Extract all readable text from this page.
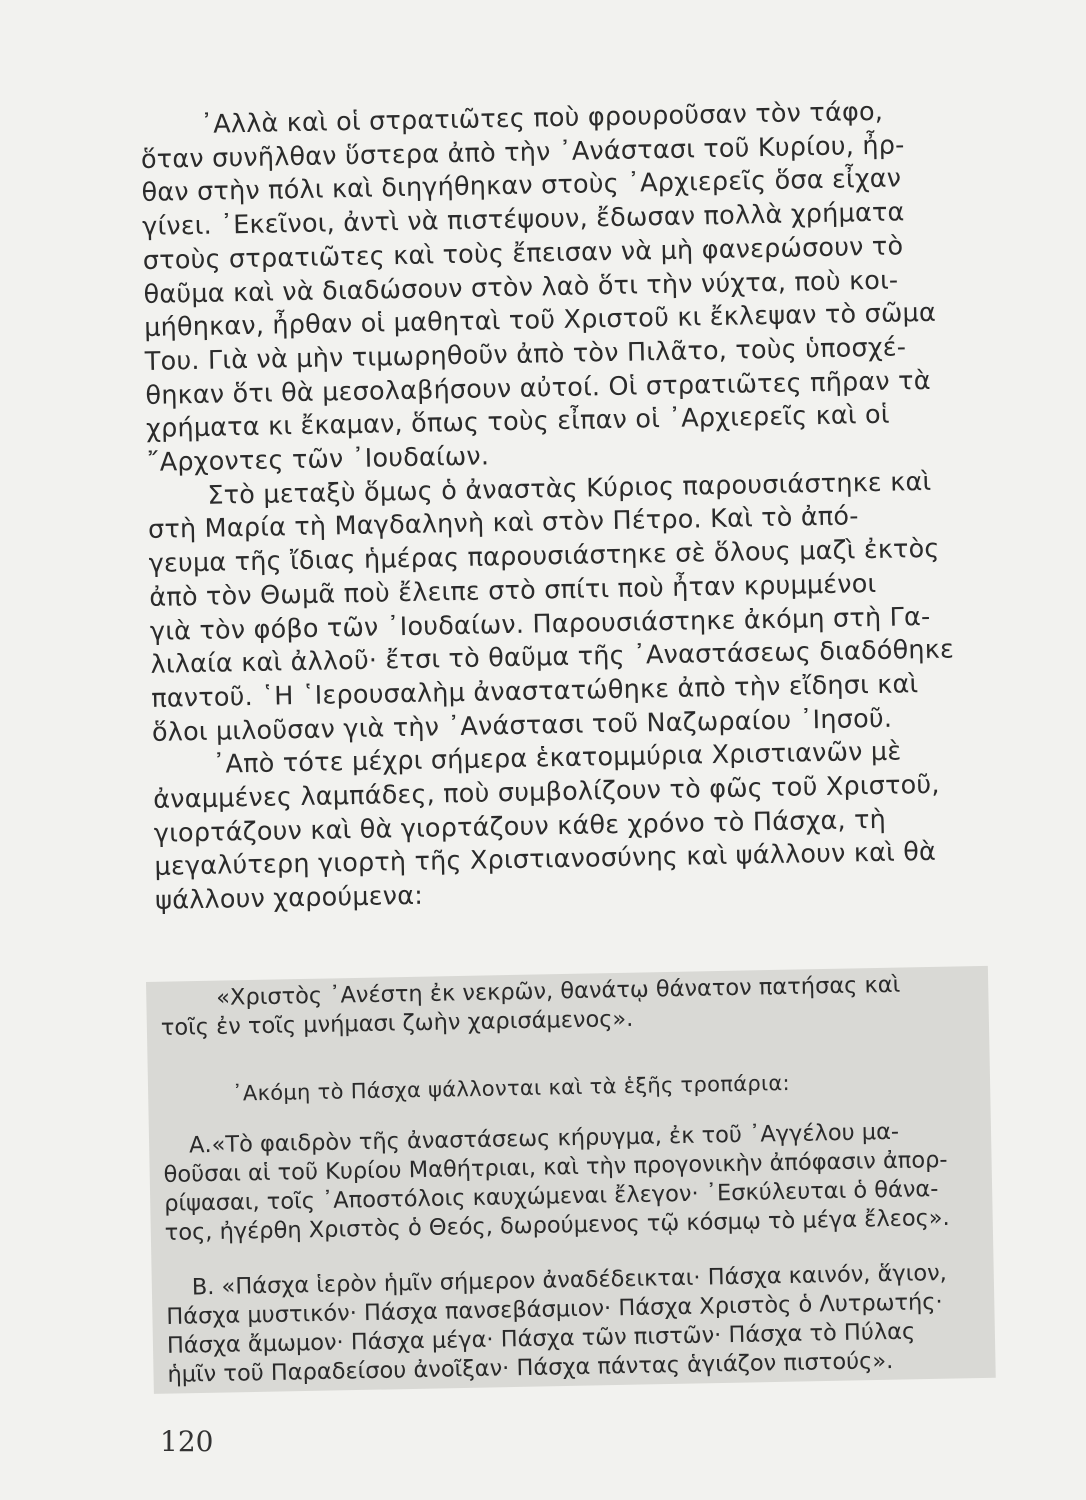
᾿Αλλὰ καὶ οἱ στρατιῶτες ποὺ φρουροῦσαν τὸν τάφο,
ὅταν συνῆλθαν ὕστερα ἀπὸ τὴν ᾿Ανάστασι τοῦ Κυρίου, ἦρ-
θαν στὴν πόλι καὶ διηγήθηκαν στοὺς ᾿Αρχιερεῖς ὅσα εἶχαν
γίνει. ᾿Εκεῖνοι, ἀντὶ νὰ πιστέψουν, ἔδωσαν πολλὰ χρήματα
στοὺς στρατιῶτες καὶ τοὺς ἔπεισαν νὰ μὴ φανερώσουν τὸ
θαῦμα καὶ νὰ διαδώσουν στὸν λαὸ ὅτι τὴν νύχτα, ποὺ κοι-
μήθηκαν, ἦρθαν οἱ μαθηταὶ τοῦ Χριστοῦ κι ἔκλεψαν τὸ σῶμα
Του. Γιὰ νὰ μὴν τιμωρηθοῦν ἀπὸ τὸν Πιλᾶτο, τοὺς ὑποσχέ-
θηκαν ὅτι θὰ μεσολαβήσουν αὐτοί. Οἱ στρατιῶτες πῆραν τὰ
χρήματα κι ἔκαμαν, ὅπως τοὺς εἶπαν οἱ ᾿Αρχιερεῖς καὶ οἱ
῎Αρχοντες τῶν ᾿Ιουδαίων.

Στὸ μεταξὺ ὅμως ὁ ἀναστὰς Κύριος παρουσιάστηκε καὶ
στὴ Μαρία τὴ Μαγδαληνὴ καὶ στὸν Πέτρο. Καὶ τὸ ἀπό-
γευμα τῆς ἴδιας ἡμέρας παρουσιάστηκε σὲ ὅλους μαζὶ ἐκτὸς
ἀπὸ τὸν Θωμᾶ ποὺ ἔλειπε στὸ σπίτι ποὺ ἦταν κρυμμένοι
γιὰ τὸν φόβο τῶν ᾿Ιουδαίων. Παρουσιάστηκε ἀκόμη στὴ Γα-
λιλαία καὶ ἀλλοῦ· ἔτσι τὸ θαῦμα τῆς ᾿Αναστάσεως διαδόθηκε
παντοῦ. ῾Η ῾Ιερουσαλὴμ ἀναστατώθηκε ἀπὸ τὴν εἴδησι καὶ
ὅλοι μιλοῦσαν γιὰ τὴν ᾿Ανάστασι τοῦ Ναζωραίου ᾿Ιησοῦ.

᾿Απὸ τότε μέχρι σήμερα ἑκατομμύρια Χριστιανῶν μὲ
ἀναμμένες λαμπάδες, ποὺ συμβολίζουν τὸ φῶς τοῦ Χριστοῦ,
γιορτάζουν καὶ θὰ γιορτάζουν κάθε χρόνο τὸ Πάσχα, τὴ
μεγαλύτερη γιορτὴ τῆς Χριστιανοσύνης καὶ ψάλλουν καὶ θὰ
ψάλλουν χαρούμενα:

«Χριστὸς ᾿Ανέστη ἐκ νεκρῶν, θανάτῳ θάνατον πατήσας καὶ
τοῖς ἐν τοῖς μνήμασι ζωὴν χαρισάμενος».

᾿Ακόμη τὸ Πάσχα ψάλλονται καὶ τὰ ἑξῆς τροπάρια:

Α.«Τὸ φαιδρὸν τῆς ἀναστάσεως κήρυγμα, ἐκ τοῦ ᾿Αγγέλου μα-
θοῦσαι αἱ τοῦ Κυρίου Μαθήτριαι, καὶ τὴν προγονικὴν ἀπόφασιν ἀπορ-
ρίψασαι, τοῖς ᾿Αποστόλοις καυχώμεναι ἔλεγον· ᾿Εσκύλευται ὁ θάνα-
τος, ἠγέρθη Χριστὸς ὁ Θεός, δωρούμενος τῷ κόσμῳ τὸ μέγα ἔλεος».

Β. «Πάσχα ἱερὸν ἡμῖν σήμερον ἀναδέδεικται· Πάσχα καινόν, ἅγιον,
Πάσχα μυστικόν· Πάσχα πανσεβάσμιον· Πάσχα Χριστὸς ὁ Λυτρωτής·
Πάσχα ἄμωμον· Πάσχα μέγα· Πάσχα τῶν πιστῶν· Πάσχα τὸ Πύλας
ἡμῖν τοῦ Παραδείσου ἀνοῖξαν· Πάσχα πάντας ἁγιάζον πιστούς».

120
